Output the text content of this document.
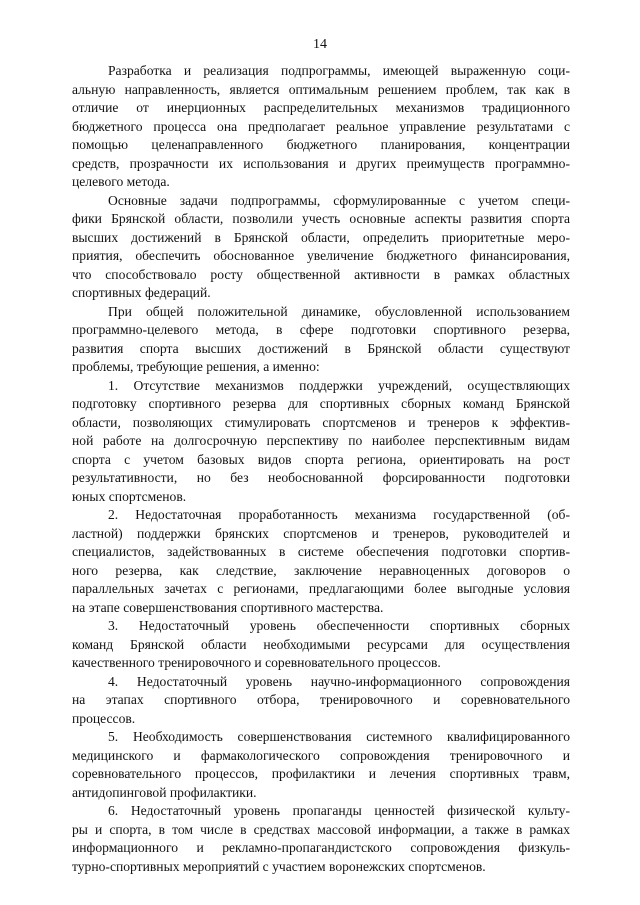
14
Разработка и реализация подпрограммы, имеющей выраженную соци-
альную направленность, является оптимальным решением проблем, так как в
отличие от инерционных распределительных механизмов традиционного
бюджетного процесса она предполагает реальное управление результатами с
помощью целенаправленного бюджетного планирования, концентрации
средств, прозрачности их использования и других преимуществ программно-
целевого метода.
Основные задачи подпрограммы, сформулированные с учетом специ-
фики Брянской области, позволили учесть основные аспекты развития спорта
высших достижений в Брянской области, определить приоритетные меро-
приятия, обеспечить обоснованное увеличение бюджетного финансирования,
что способствовало росту общественной активности в рамках областных
спортивных федераций.
При общей положительной динамике, обусловленной использованием
программно-целевого метода, в сфере подготовки спортивного резерва,
развития спорта высших достижений в Брянской области существуют
проблемы, требующие решения, а именно:
1. Отсутствие механизмов поддержки учреждений, осуществляющих
подготовку спортивного резерва для спортивных сборных команд Брянской
области, позволяющих стимулировать спортсменов и тренеров к эффектив-
ной работе на долгосрочную перспективу по наиболее перспективным видам
спорта с учетом базовых видов спорта региона, ориентировать на рост
результативности, но без необоснованной форсированности подготовки
юных спортсменов.
2. Недостаточная проработанность механизма государственной (об-
ластной) поддержки брянских спортсменов и тренеров, руководителей и
специалистов, задействованных в системе обеспечения подготовки спортив-
ного резерва, как следствие, заключение неравноценных договоров о
параллельных зачетах с регионами, предлагающими более выгодные условия
на этапе совершенствования спортивного мастерства.
3. Недостаточный уровень обеспеченности спортивных сборных
команд Брянской области необходимыми ресурсами для осуществления
качественного тренировочного и соревновательного процессов.
4. Недостаточный уровень научно-информационного сопровождения
на этапах спортивного отбора, тренировочного и соревновательного
процессов.
5. Необходимость совершенствования системного квалифицированного
медицинского и фармакологического сопровождения тренировочного и
соревновательного процессов, профилактики и лечения спортивных травм,
антидопинговой профилактики.
6. Недостаточный уровень пропаганды ценностей физической культу-
ры и спорта, в том числе в средствах массовой информации, а также в рамках
информационного и рекламно-пропагандистского сопровождения физкуль-
турно-спортивных мероприятий с участием воронежских спортсменов.
